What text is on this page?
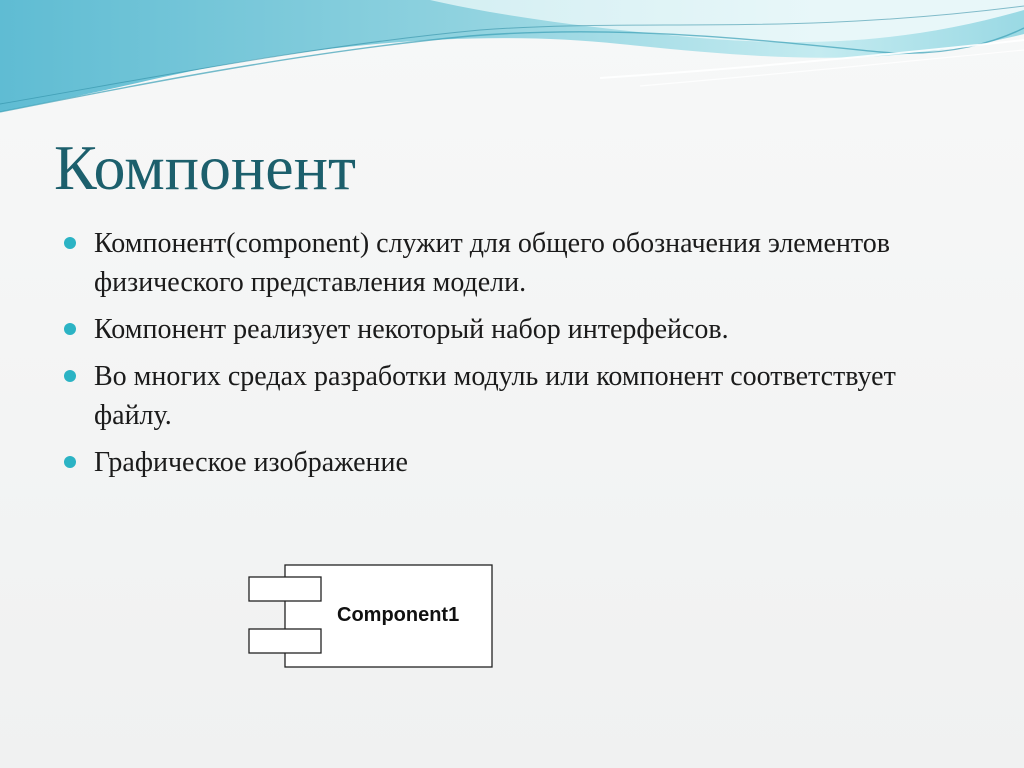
Компонент
Компонент(component) служит для общего обозначения элементов физического представления модели.
Компонент реализует некоторый набор интерфейсов.
Во многих средах разработки модуль или компонент соответствует файлу.
Графическое изображение
Component1
